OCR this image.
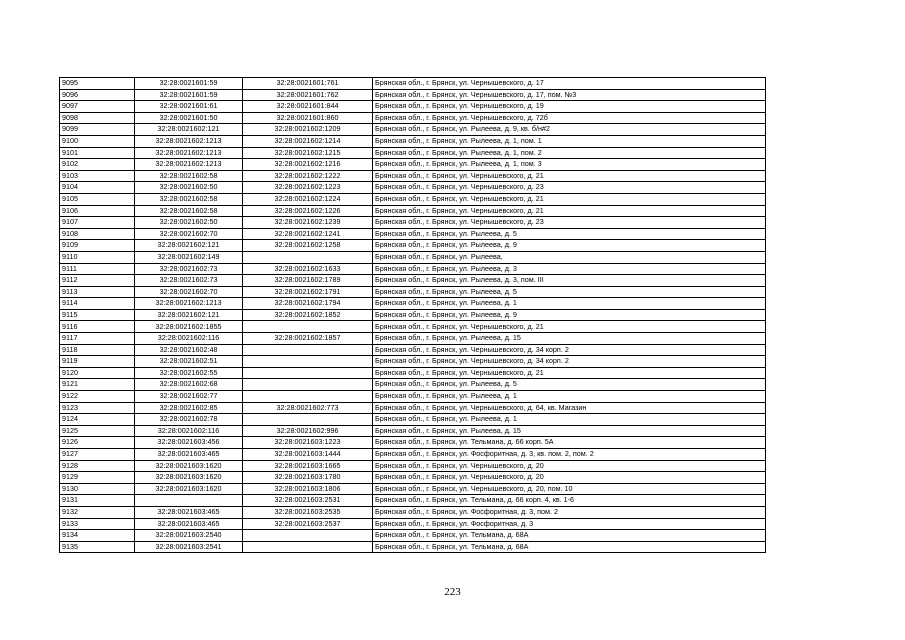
9095	32:28:0021601:59	32:28:0021601:761	Брянская обл., г. Брянск, ул. Чернышевского, д. 17
9096	32:28:0021601:59	32:28:0021601:762	Брянская обл., г. Брянск, ул. Чернышевского, д. 17, пом. №3
9097	32:28:0021601:61	32:28:0021601:844	Брянская обл., г. Брянск, ул. Чернышевского, д. 19
9098	32:28:0021601:50	32:28:0021601:860	Брянская обл., г. Брянск, ул. Чернышевского, д. 72б
9099	32:28:0021602:121	32:28:0021602:1209	Брянская обл., г. Брянск, ул. Рылеева, д. 9, кв. б/н#2
9100	32:28:0021602:1213	32:28:0021602:1214	Брянская обл., г. Брянск, ул. Рылеева, д. 1, пом. 1
9101	32:28:0021602:1213	32:28:0021602:1215	Брянская обл., г. Брянск, ул. Рылеева, д. 1, пом. 2
9102	32:28:0021602:1213	32:28:0021602:1216	Брянская обл., г. Брянск, ул. Рылеева, д. 1, пом. 3
9103	32:28:0021602:58	32:28:0021602:1222	Брянская обл., г. Брянск, ул. Чернышевского, д. 21
9104	32:28:0021602:50	32:28:0021602:1223	Брянская обл., г. Брянск, ул. Чернышевского, д. 23
9105	32:28:0021602:58	32:28:0021602:1224	Брянская обл., г. Брянск, ул. Чернышевского, д. 21
9106	32:28:0021602:58	32:28:0021602:1226	Брянская обл., г. Брянск, ул. Чернышевского, д. 21
9107	32:28:0021602:50	32:28:0021602:1239	Брянская обл., г. Брянск, ул. Чернышевского, д. 23
9108	32:28:0021602:70	32:28:0021602:1241	Брянская обл., г. Брянск, ул. Рылеева, д. 5
9109	32:28:0021602:121	32:28:0021602:1258	Брянская обл., г. Брянск, ул. Рылеева, д. 9
9110	32:28:0021602:149		Брянская обл., г. Брянск, ул. Рылеева,
9111	32:28:0021602:73	32:28:0021602:1633	Брянская обл., г. Брянск, ул. Рылеева, д. 3
9112	32:28:0021602:73	32:28:0021602:1789	Брянская обл., г. Брянск, ул. Рылеева, д. 3, пом. III
9113	32:28:0021602:70	32:28:0021602:1791	Брянская обл., г. Брянск, ул. Рылеева, д. 5
9114	32:28:0021602:1213	32:28:0021602:1794	Брянская обл., г. Брянск, ул. Рылеева, д. 1
9115	32:28:0021602:121	32:28:0021602:1852	Брянская обл., г. Брянск, ул. Рылеева, д. 9
9116	32:28:0021602:1855		Брянская обл., г. Брянск, ул. Чернышевского, д. 21
9117	32:28:0021602:116	32:28:0021602:1857	Брянская обл., г. Брянск, ул. Рылеева, д. 15
9118	32:28:0021602:48		Брянская обл., г. Брянск, ул. Чернышевского, д. 34 корп. 2
9119	32:28:0021602:51		Брянская обл., г. Брянск, ул. Чернышевского, д. 34 корп. 2
9120	32:28:0021602:55		Брянская обл., г. Брянск, ул. Чернышевского, д. 21
9121	32:28:0021602:68		Брянская обл., г. Брянск, ул. Рылеева, д. 5
9122	32:28:0021602:77		Брянская обл., г. Брянск, ул. Рылеева, д. 1
9123	32:28:0021602:85	32:28:0021602:773	Брянская обл., г. Брянск, ул. Чернышевского, д. 64, кв. Магазин
9124	32:28:0021602:78		Брянская обл., г. Брянск, ул. Рылеева, д. 1
9125	32:28:0021602:116	32:28:0021602:996	Брянская обл., г. Брянск, ул. Рылеева, д. 15
9126	32:28:0021603:456	32:28:0021603:1223	Брянская обл., г. Брянск, ул. Тельмана, д. 66 корп. 5А
9127	32:28:0021603:465	32:28:0021603:1444	Брянская обл., г. Брянск, ул. Фосфоритная, д. 3, кв. пом. 2, пом. 2
9128	32:28:0021603:1620	32:28:0021603:1665	Брянская обл., г. Брянск, ул. Чернышевского, д. 20
9129	32:28:0021603:1620	32:28:0021603:1780	Брянская обл., г. Брянск, ул. Чернышевского, д. 20
9130	32:28:0021603:1620	32:28:0021603:1806	Брянская обл., г. Брянск, ул. Чернышевского, д. 20, пом. 10
9131		32:28:0021603:2531	Брянская обл., г. Брянск, ул. Тельмана, д. 66 корп. 4, кв. 1-6
9132	32:28:0021603:465	32:28:0021603:2535	Брянская обл., г. Брянск, ул. Фосфоритная, д. 3, пом. 2
9133	32:28:0021603:465	32:28:0021603:2537	Брянская обл., г. Брянск, ул. Фосфоритная, д. 3
9134	32:28:0021603:2540		Брянская обл., г. Брянск, ул. Тельмана, д. 68А
9135	32:28:0021603:2541		Брянская обл., г. Брянск, ул. Тельмана, д. 68А
223
